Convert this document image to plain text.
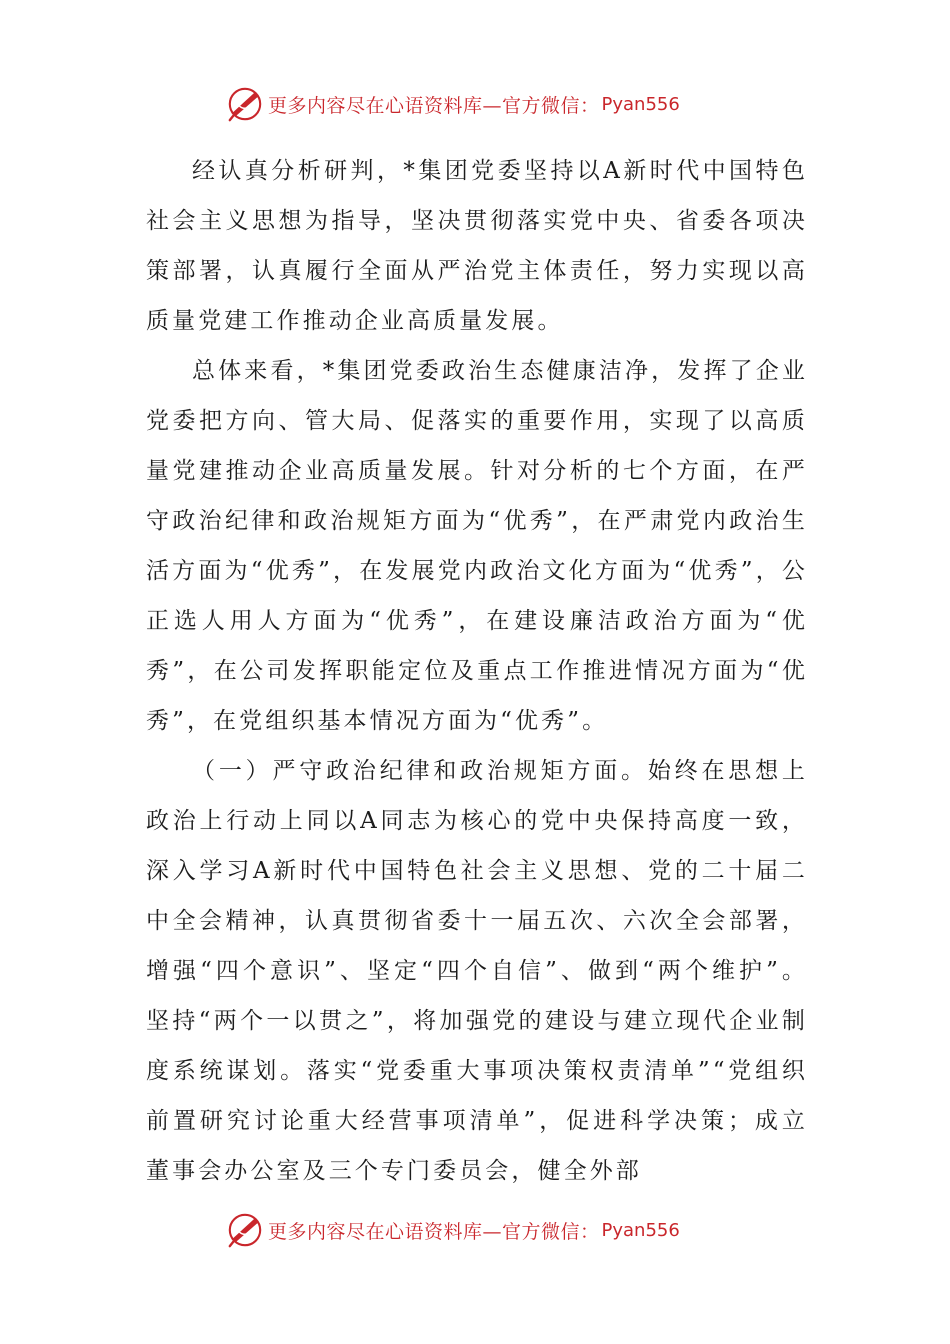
更多内容尽在心语资料库—官方微信： Pyan556

经认真分析研判，*集团党委坚持以A新时代中国特色社会主义思想为指导，坚决贯彻落实党中央、省委各项决策部署，认真履行全面从严治党主体责任，努力实现以高质量党建工作推动企业高质量发展。

总体来看，*集团党委政治生态健康洁净，发挥了企业党委把方向、管大局、促落实的重要作用，实现了以高质量党建推动企业高质量发展。针对分析的七个方面，在严守政治纪律和政治规矩方面为“优秀”，在严肃党内政治生活方面为“优秀”，在发展党内政治文化方面为“优秀”，公正选人用人方面为“优秀”，在建设廉洁政治方面为“优秀”，在公司发挥职能定位及重点工作推进情况方面为“优秀”，在党组织基本情况方面为“优秀”。

（一）严守政治纪律和政治规矩方面。始终在思想上政治上行动上同以A同志为核心的党中央保持高度一致，深入学习A新时代中国特色社会主义思想、党的二十届二中全会精神，认真贯彻省委十一届五次、六次全会部署，增强“四个意识”、坚定“四个自信”、做到“两个维护”。坚持“两个一以贯之”，将加强党的建设与建立现代企业制度系统谋划。落实“党委重大事项决策权责清单”“党组织前置研究讨论重大经营事项清单”，促进科学决策；成立董事会办公室及三个专门委员会，健全外部

更多内容尽在心语资料库—官方微信： Pyan556
